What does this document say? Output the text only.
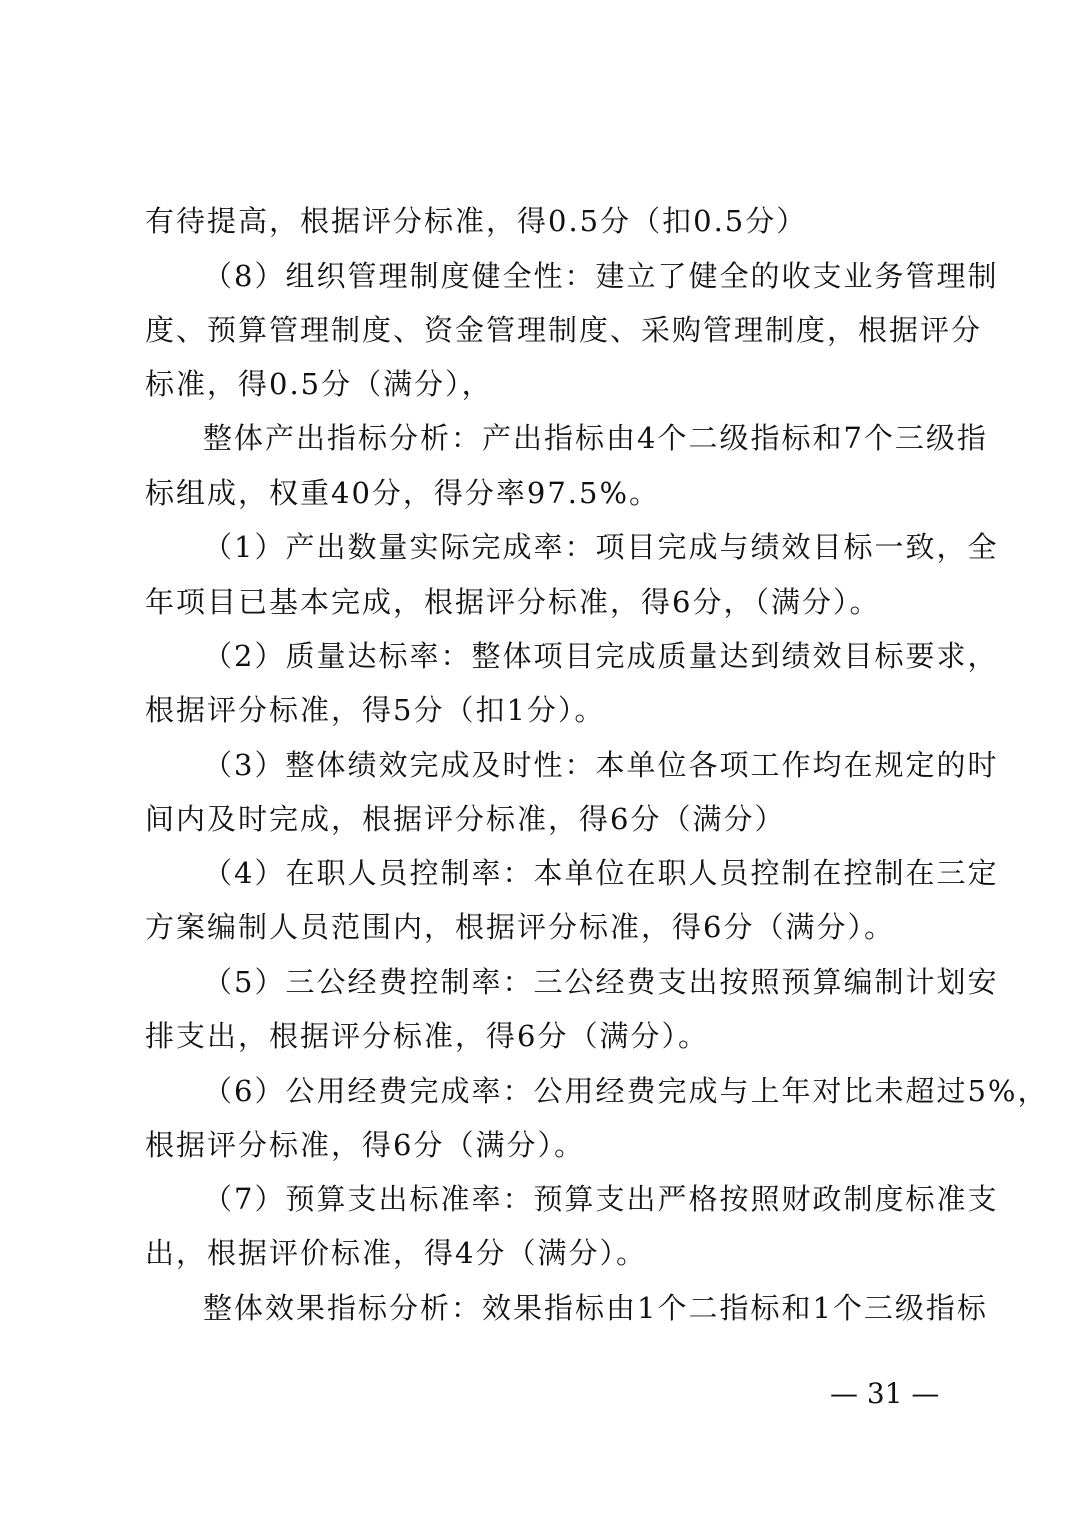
有待提高，根据评分标准，得0.5分（扣0.5分）
（8）组织管理制度健全性：建立了健全的收支业务管理制
度、预算管理制度、资金管理制度、采购管理制度，根据评分
标准，得0.5分（满分），
整体产出指标分析：产出指标由4个二级指标和7个三级指
标组成，权重40分，得分率97.5%。
（1）产出数量实际完成率：项目完成与绩效目标一致，全
年项目已基本完成，根据评分标准，得6分，（满分）。
（2）质量达标率：整体项目完成质量达到绩效目标要求，
根据评分标准，得5分（扣1分）。
（3）整体绩效完成及时性：本单位各项工作均在规定的时
间内及时完成，根据评分标准，得6分（满分）
（4）在职人员控制率：本单位在职人员控制在控制在三定
方案编制人员范围内，根据评分标准，得6分（满分）。
（5）三公经费控制率：三公经费支出按照预算编制计划安
排支出，根据评分标准，得6分（满分）。
（6）公用经费完成率：公用经费完成与上年对比未超过5%，
根据评分标准，得6分（满分）。
（7）预算支出标准率：预算支出严格按照财政制度标准支
出，根据评价标准，得4分（满分）。
整体效果指标分析：效果指标由1个二指标和1个三级指标
— 31 —
